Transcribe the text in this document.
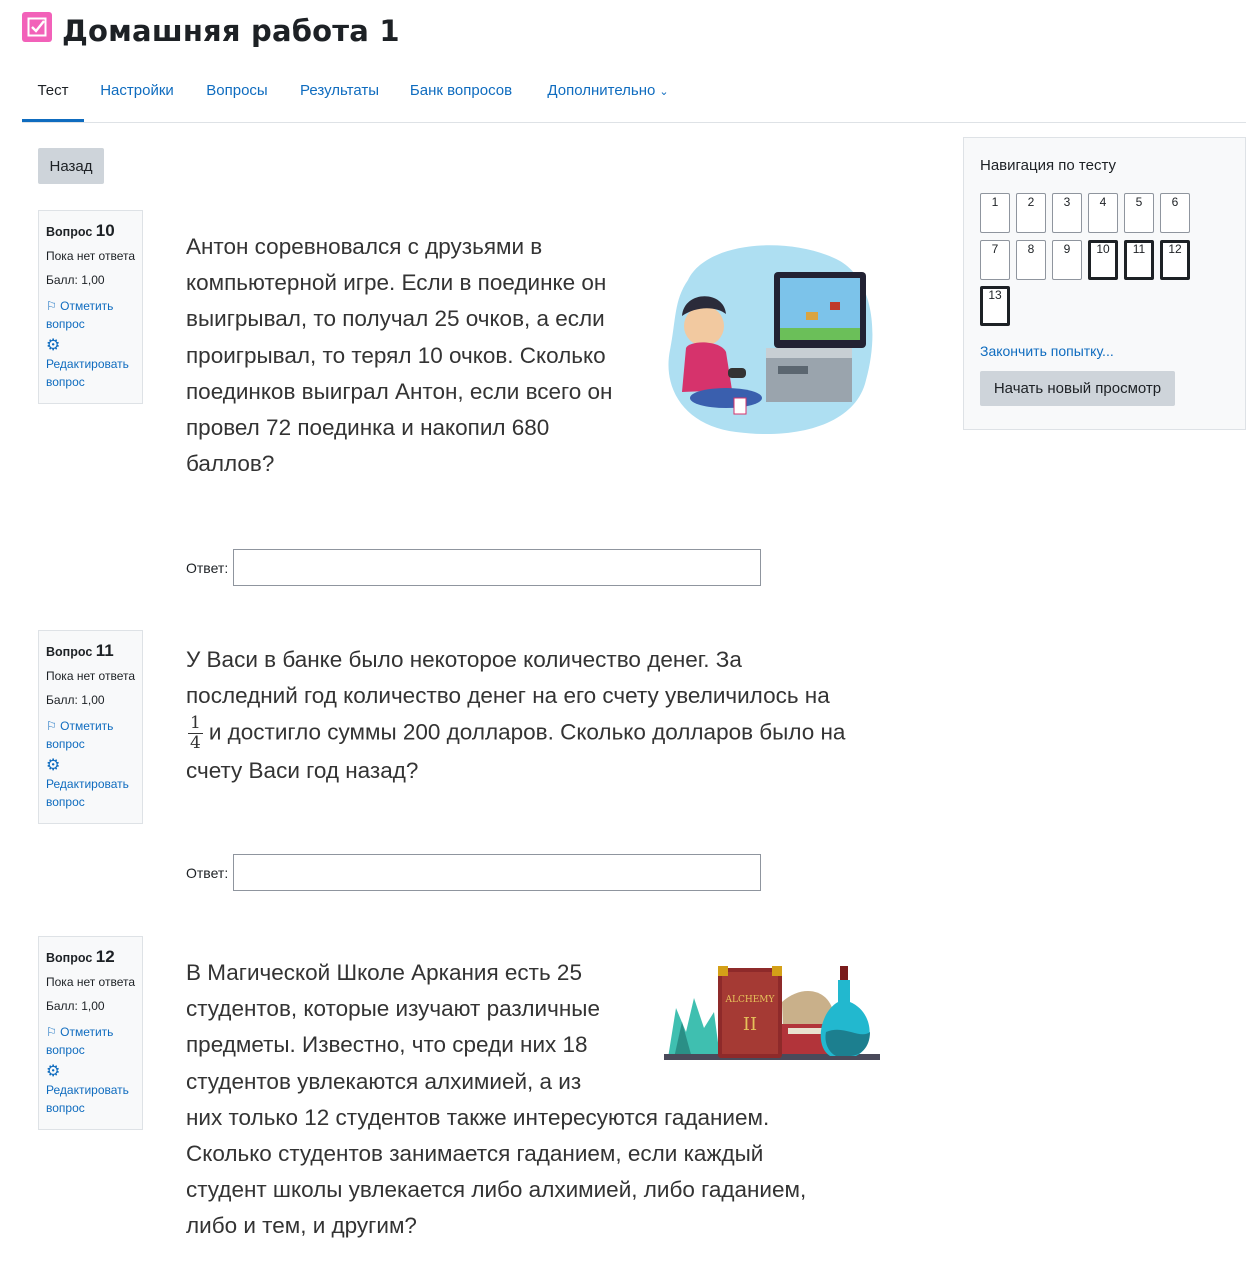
Домашняя работа 1
Тест	Настройки Вопросы Результаты Банк вопросов Дополнительно ⌄
Назад
Вопрос 10
Пока нет ответа
Балл: 1,00
⚐ Отметить вопрос
⚙
Редактировать вопрос
Антон соревновался с друзьями в
компьютерной игре. Если в поединке он
выигрывал, то получал 25 очков, а если
проигрывал, то терял 10 очков. Сколько
поединков выиграл Антон, если всего он
провел 72 поединка и накопил 680
баллов?
Ответ:
Вопрос 11
Пока нет ответа
Балл: 1,00
⚐ Отметить вопрос
⚙
Редактировать вопрос
У Васи в банке было некоторое количество денег. За
последний год количество денег на его счету увеличилось на
$\frac{1}{4}$ и достигло суммы 200 долларов. Сколько долларов было на
счету Васи год назад?
Ответ:
Вопрос 12
Пока нет ответа
Балл: 1,00
⚐ Отметить вопрос
⚙
Редактировать вопрос
В Магической Школе Аркания есть 25
студентов, которые изучают различные
предметы. Известно, что среди них 18
студентов увлекаются алхимией, а из
них только 12 студентов также интересуются гаданием.
Сколько студентов занимается гаданием, если каждый
студент школы увлекается либо алхимией, либо гаданием,
либо и тем, и другим?
ALCHEMY
II
Навигация по тесту
1	2	3	4	5	6
7	8	9	10	11	12
13
Закончить попытку...
Начать новый просмотр
